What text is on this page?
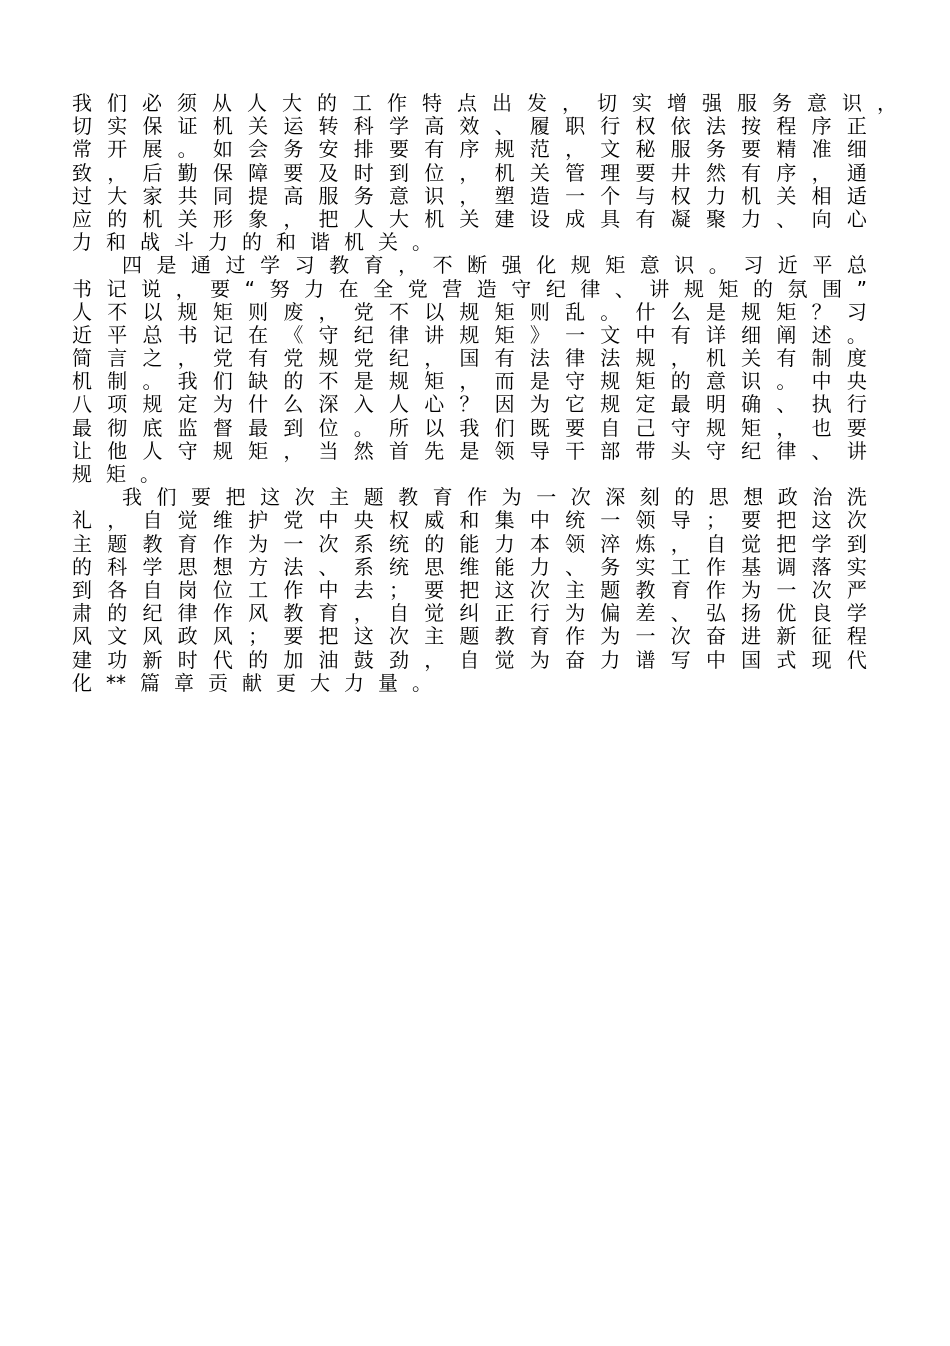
我 们 必 须 从 人 大 的 工 作 特 点 出 发 ， 切 实 增 强 服 务 意 识 ，
切 实 保 证 机 关 运 转 科 学 高 效 、 履 职 行 权 依 法 按 程 序 正
常 开 展 。 如 会 务 安 排 要 有 序 规 范 ， 文 秘 服 务 要 精 准 细
致 ， 后 勤 保 障 要 及 时 到 位 ， 机 关 管 理 要 井 然 有 序 ， 通
过 大 家 共 同 提 高 服 务 意 识 ， 塑 造 一 个 与 权 力 机 关 相 适
应 的 机 关 形 象 ， 把 人 大 机 关 建 设 成 具 有 凝 聚 力 、 向 心
力 和 战 斗 力 的 和 谐 机 关 。
四 是 通 过 学 习 教 育 ， 不 断 强 化 规 矩 意 识 。 习 近 平 总
书 记 说 ， 要 “ 努 力 在 全 党 营 造 守 纪 律 、 讲 规 矩 的 氛 围 ”
人 不 以 规 矩 则 废 ， 党 不 以 规 矩 则 乱 。 什 么 是 规 矩 ？ 习
近 平 总 书 记 在 《 守 纪 律 讲 规 矩 》 一 文 中 有 详 细 阐 述 。
简 言 之 ， 党 有 党 规 党 纪 ， 国 有 法 律 法 规 ， 机 关 有 制 度
机 制 。 我 们 缺 的 不 是 规 矩 ， 而 是 守 规 矩 的 意 识 。 中 央
八 项 规 定 为 什 么 深 入 人 心 ？ 因 为 它 规 定 最 明 确 、 执 行
最 彻 底 监 督 最 到 位 。 所 以 我 们 既 要 自 己 守 规 矩 ， 也 要
让 他 人 守 规 矩 ， 当 然 首 先 是 领 导 干 部 带 头 守 纪 律 、 讲
规 矩 。
我 们 要 把 这 次 主 题 教 育 作 为 一 次 深 刻 的 思 想 政 治 洗
礼 ， 自 觉 维 护 党 中 央 权 威 和 集 中 统 一 领 导 ； 要 把 这 次
主 题 教 育 作 为 一 次 系 统 的 能 力 本 领 淬 炼 ， 自 觉 把 学 到
的 科 学 思 想 方 法 、 系 统 思 维 能 力 、 务 实 工 作 基 调 落 实
到 各 自 岗 位 工 作 中 去 ； 要 把 这 次 主 题 教 育 作 为 一 次 严
肃 的 纪 律 作 风 教 育 ， 自 觉 纠 正 行 为 偏 差 、 弘 扬 优 良 学
风 文 风 政 风 ； 要 把 这 次 主 题 教 育 作 为 一 次 奋 进 新 征 程
建 功 新 时 代 的 加 油 鼓 劲 ， 自 觉 为 奋 力 谱 写 中 国 式 现 代
化 ** 篇 章 贡 献 更 大 力 量 。
